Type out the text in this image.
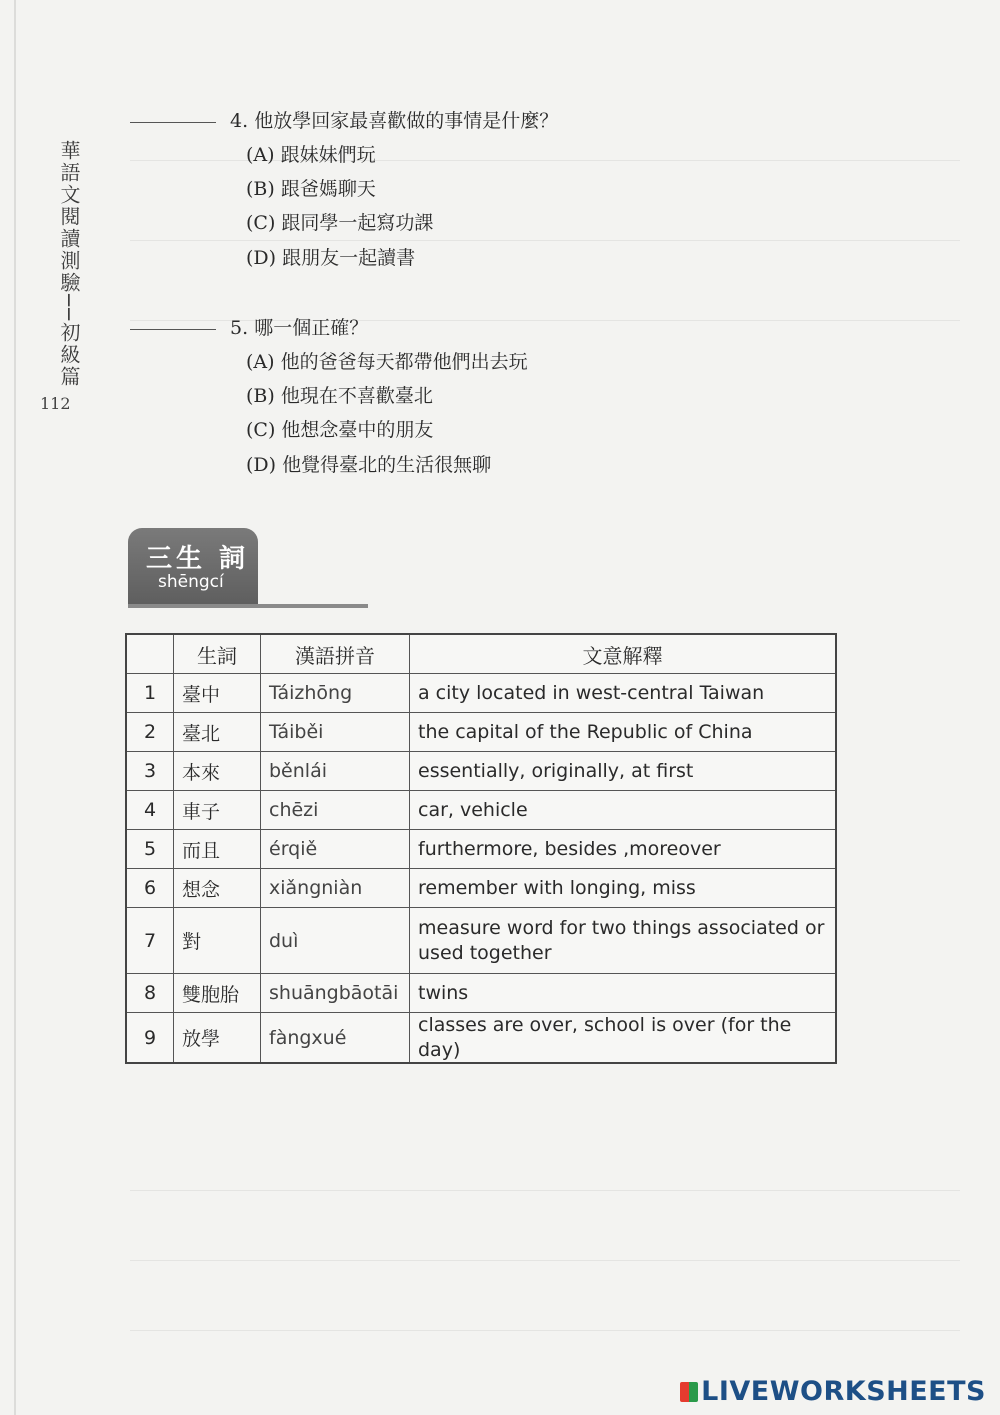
華語文閱讀測驗──初級篇
112
4. 他放學回家最喜歡做的事情是什麼？
(A) 跟妹妹們玩
(B) 跟爸媽聊天
(C) 跟同學一起寫功課
(D) 跟朋友一起讀書
5. 哪一個正確？
(A) 他的爸爸每天都帶他們出去玩
(B) 他現在不喜歡臺北
(C) 他想念臺中的朋友
(D) 他覺得臺北的生活很無聊
三生 詞
shēngcí
	生詞	漢語拼音	文意解釋
1	臺中	Táizhōng	a city located in west-central Taiwan
2	臺北	Táiběi	the capital of the Republic of China
3	本來	běnlái	essentially, originally, at first
4	車子	chēzi	car, vehicle
5	而且	érqiě	furthermore, besides ,moreover
6	想念	xiǎngniàn	remember with longing, miss
7	對	duì	measure word for two things associated or used together
8	雙胞胎	shuāngbāotāi	twins
9	放學	fàngxué	classes are over, school is over (for the day)
LIVEWORKSHEETS
